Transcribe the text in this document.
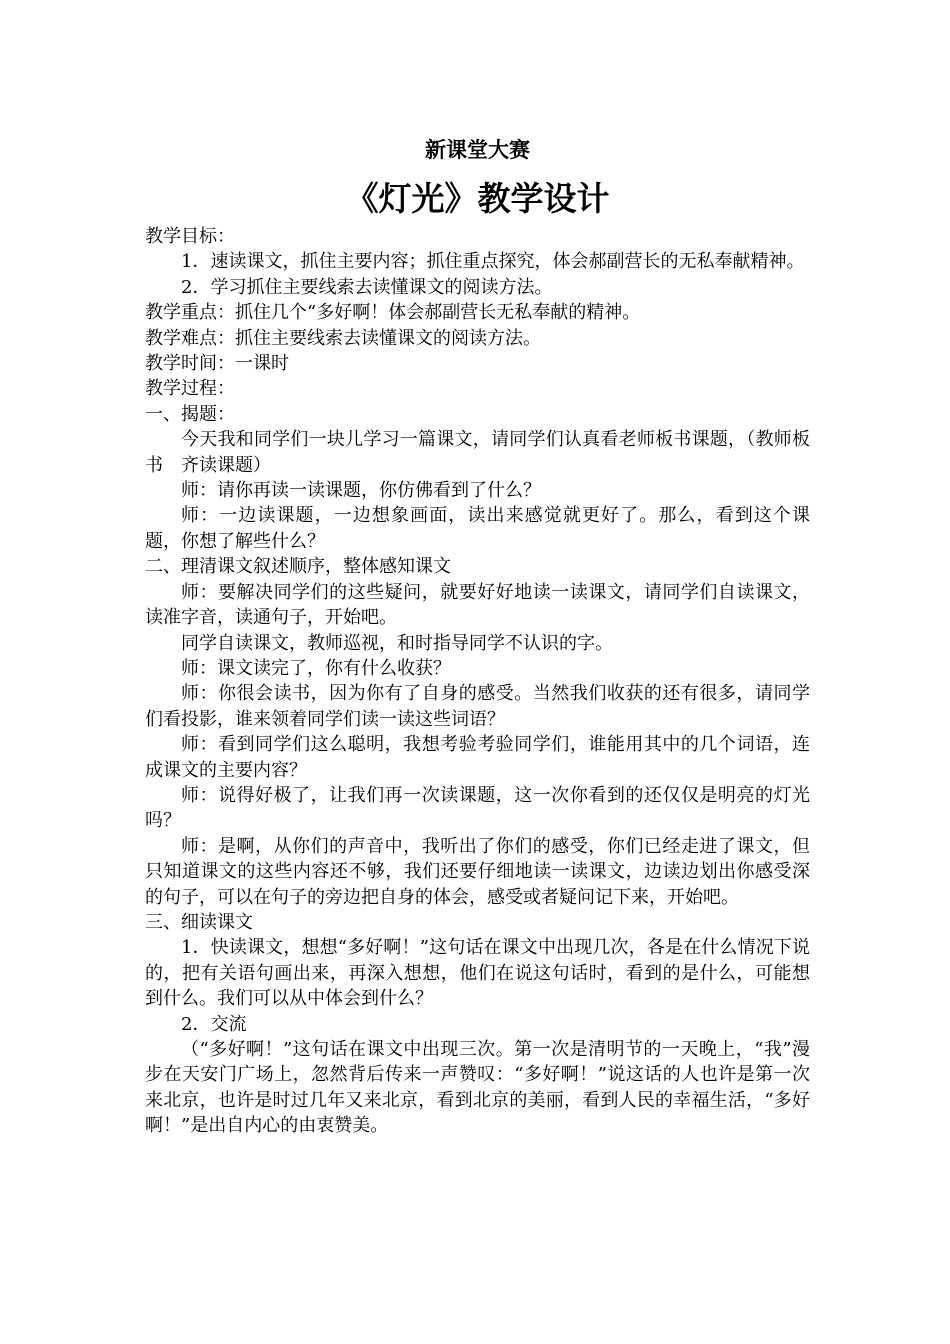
新课堂大赛
《灯光》教学设计

教学目标：

1．速读课文，抓住主要内容；抓住重点探究，体会郝副营长的无私奉献精神。

2．学习抓住主要线索去读懂课文的阅读方法。

教学重点：抓住几个“多好啊！体会郝副营长无私奉献的精神。

教学难点：抓住主要线索去读懂课文的阅读方法。

教学时间：一课时

教学过程：

一、揭题：

今天我和同学们一块儿学习一篇课文，请同学们认真看老师板书课题，（教师板书　齐读课题）

师：请你再读一读课题，你仿佛看到了什么？

师：一边读课题，一边想象画面，读出来感觉就更好了。那么，看到这个课题，你想了解些什么？

二、理清课文叙述顺序，整体感知课文

师：要解决同学们的这些疑问，就要好好地读一读课文，请同学们自读课文，读准字音，读通句子，开始吧。

同学自读课文，教师巡视，和时指导同学不认识的字。

师：课文读完了，你有什么收获？

师：你很会读书，因为你有了自身的感受。当然我们收获的还有很多，请同学们看投影，谁来领着同学们读一读这些词语？

师：看到同学们这么聪明，我想考验考验同学们，谁能用其中的几个词语，连成课文的主要内容？

师：说得好极了，让我们再一次读课题，这一次你看到的还仅仅是明亮的灯光吗？

师：是啊，从你们的声音中，我听出了你们的感受，你们已经走进了课文，但只知道课文的这些内容还不够，我们还要仔细地读一读课文，边读边划出你感受深的句子，可以在句子的旁边把自身的体会，感受或者疑问记下来，开始吧。

三、细读课文

1．快读课文，想想“多好啊！”这句话在课文中出现几次，各是在什么情况下说的，把有关语句画出来，再深入想想，他们在说这句话时，看到的是什么，可能想到什么。我们可以从中体会到什么？

2．交流

（“多好啊！”这句话在课文中出现三次。第一次是清明节的一天晚上，“我”漫步在天安门广场上，忽然背后传来一声赞叹：“多好啊！”说这话的人也许是第一次来北京，也许是时过几年又来北京，看到北京的美丽，看到人民的幸福生活，“多好啊！”是出自内心的由衷赞美。
